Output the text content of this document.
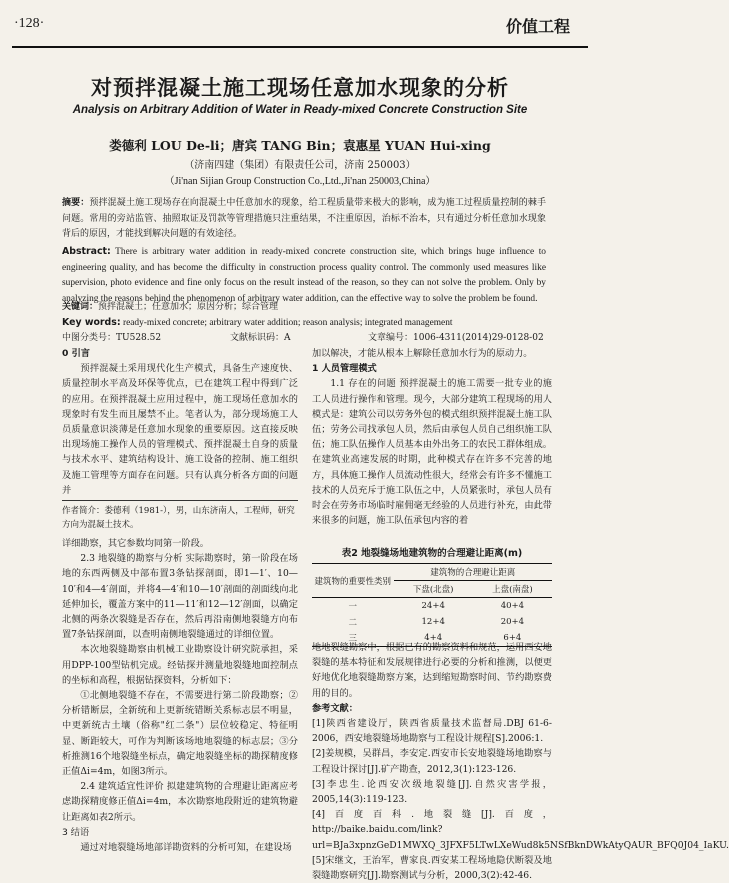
·128·	价值工程
对预拌混凝土施工现场任意加水现象的分析
Analysis on Arbitrary Addition of Water in Ready-mixed Concrete Construction Site
娄德利 LOU De-li；唐宾 TANG Bin；袁惠星 YUAN Hui-xing
（济南四建（集团）有限责任公司，济南 250003）
（Ji'nan Sijian Group Construction Co.,Ltd.,Ji'nan 250003,China）
摘要：预拌混凝土施工现场存在向混凝土中任意加水的现象，给工程质量带来极大的影响，成为施工过程质量控制的棘手问题。常用的旁站监管、抽照取证及罚款等管理措施只注重结果，不注重原因，治标不治本，只有通过分析任意加水现象背后的原因，才能找到解决问题的有效途径。
Abstract: There is arbitrary water addition in ready-mixed concrete construction site, which brings huge influence to engineering quality, and has become the difficulty in construction process quality control. The commonly used measures like supervision, photo evidence and fine only focus on the result instead of the reason, so they can not solve the problem. Only by analyzing the reasons behind the phenomenon of arbitrary water addition, can the effective way to solve the problem be found.
关键词：预拌混凝土；任意加水；原因分析；综合管理
Key words: ready-mixed concrete; arbitrary water addition; reason analysis; integrated management
中图分类号：TU528.52	文献标识码：A	文章编号：1006-4311(2014)29-0128-02

0 引言

预拌混凝土采用现代化生产模式，具备生产速度快、质量控制水平高及环保等优点，已在建筑工程中得到广泛的应用。在预拌混凝土应用过程中，施工现场任意加水的现象时有发生而且屡禁不止。笔者认为，部分现场施工人员质量意识淡薄是任意加水现象的重要原因。这直接反映出现场施工操作人员的管理模式、预拌混凝土自身的质量与技术水平、建筑结构设计、施工设备的控制、施工组织及施工管理等方面存在问题。只有认真分析各方面的问题并

作者简介：娄德利（1981-），男，山东济南人，工程师，研究方向为混凝土技术。

详细勘察，其它参数均同第一阶段。

2.3 地裂缝的勘察与分析 实际勘察时，第一阶段在场地的东西两侧及中部布置3条钻探剖面，即1—1′、10—10′和4—4′剖面，并将4—4′和10—10′剖面的剖面线向北延伸加长，覆盖方案中的11—11′和12—12′剖面，以确定北侧的两条次裂缝是否存在，然后再沿南侧地裂缝方向布置7条钻探剖面，以查明南侧地裂缝通过的详细位置。

本次地裂缝勘察由机械工业勘察设计研究院承担，采用DPP-100型钻机完成。经钻探并测量地裂缝地面控制点的坐标和高程，根据钻探资料，分析如下：

①北侧地裂缝不存在，不需要进行第二阶段勘察；②分析错断层，全新统和上更新统错断关系标志层不明显，中更新统古土壤（俗称"红二条"）层位较稳定、特征明显、断距较大，可作为判断该场地地裂缝的标志层；③分析推测16个地裂缝坐标点，确定地裂缝坐标的勘探精度修正值Δi=4m，如图3所示。

2.4 建筑适宜性评价 拟建建筑物的合理避让距离应考虑勘探精度修正值Δi=4m，本次勘察地段附近的建筑物避让距离如表2所示。

3 结语

通过对地裂缝场地部详勘资料的分析可知，在建设场

加以解决，才能从根本上解除任意加水行为的原动力。

1 人员管理模式

1.1 存在的问题 预拌混凝土的施工需要一批专业的施工人员进行操作和管理。现今，大部分建筑工程现场的用人模式是：建筑公司以劳务外包的模式组织预拌混凝土施工队伍；劳务公司找承包人员，然后由承包人员自己组织施工队伍；施工队伍操作人员基本由外出务工的农民工群体组成。在建筑业高速发展的时期，此种模式存在许多不完善的地方，具体施工操作人员流动性很大，经常会有许多不懂施工技术的人员充斥于施工队伍之中，人员紧张时，承包人员有时会在劳务市场临时雇佣毫无经验的人员进行补充，由此带来很多的问题，施工队伍承包内容的着

表2 地裂缝场地建筑物的合理避让距离(m)
建筑物的重要性类别	建筑物的合理避让距离	
	下盘(北盘)	上盘(南盘)
一	24+4	40+4
二	12+4	20+4
三	4+4	6+4

地地裂缝勘察中，根据已有的勘察资料和规范，运用西安地裂缝的基本特征和发展规律进行必要的分析和推测，以便更好地优化地裂缝勘察方案，达到缩短勘察时间、节约勘察费用的目的。

参考文献：

[1]陕西省建设厅，陕西省质量技术监督局.DBJ 61-6-2006，西安地裂缝场地勘察与工程设计规程[S].2006:1.

[2]姜规模，吴群昌，李安定.西安市长安地裂缝场地勘察与工程设计探讨[J].矿产勘查，2012,3(1):123-126.

[3]李忠生.论西安次级地裂缝[J].自然灾害学报，2005,14(3):119-123.

[4]百度百科.地裂缝[J].百度，http://baike.baidu.com/link?url=BJa3xpnzGeD1MWXQ_3JFXF5LTwLXeWud8k5NSfBknDWkAtyQAUR_BFQ0J04_IaKU.

[5]宋继文，王治军，曹家良.西安某工程场地隐伏断裂及地裂缝勘察研究[J].勘察测试与分析，2000,3(2):42-46.
